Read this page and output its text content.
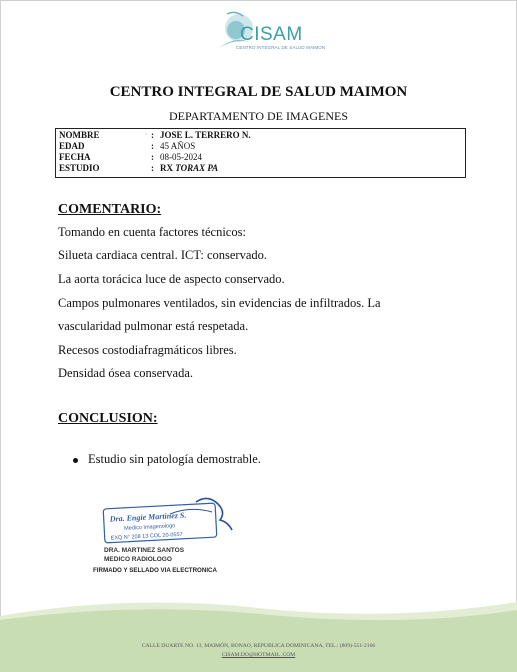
CISAM
CENTRO INTEGRAL DE SALUD MAIMON
CENTRO INTEGRAL DE SALUD MAIMON
DEPARTAMENTO DE IMAGENES
ᵕ
NOMBRE	: JOSE L. TERRERO N.
EDAD	: 45 AÑOS
FECHA	: 08-05-2024
ESTUDIO	: RX TORAX PA
COMENTARIO:
Tomando en cuenta factores técnicos:
Silueta cardiaca central. ICT: conservado.
La aorta torácica luce de aspecto conservado.
Campos pulmonares ventilados, sin evidencias de infiltrados. La
vascularidad pulmonar está respetada.
Recesos costodiafragmáticos libres.
Densidad ósea conservada.
CONCLUSION:
Estudio sin patología demostrable.
Dra. Engie Martinez S.
Medico Imagenologo
EXQ N° 208 13 COL 20-0557
DRA. MARTINEZ SANTOS
MEDICO RADIOLOGO
FIRMADO Y SELLADO VIA ELECTRONICA
CALLE DUARTE NO. 13, MAIMÓN, BONAO, REPUBLICA DOMINICANA, TEL.: (809)-551-2106
CISAM.DO@HOTMAIL .COM
